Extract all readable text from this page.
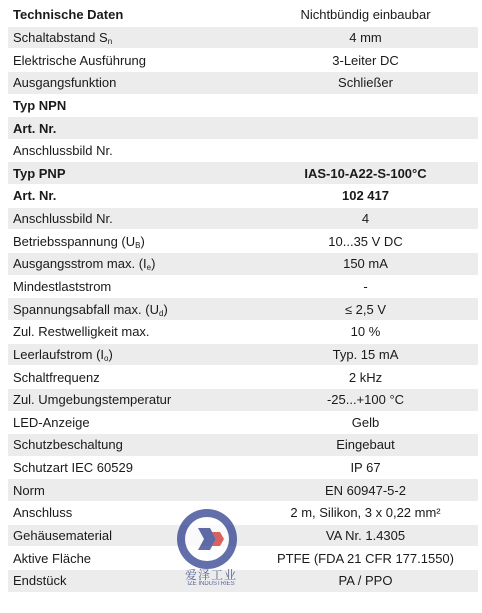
Technische Daten	Nichtbündig einbaubar
Schaltabstand $S_n$	4 mm
Elektrische Ausführung	3-Leiter DC
Ausgangsfunktion	Schließer
Typ NPN
Art. Nr.
Anschlussbild Nr.
Typ PNP	IAS-10-A22-S-100°C
Art. Nr.	102 417
Anschlussbild Nr.	4
Betriebsspannung $(U_B)$	10...35 V DC
Ausgangsstrom max. $(I_e)$	150 mA
Mindestlaststrom	-
Spannungsabfall max. $(U_d)$	≤ 2,5 V
Zul. Restwelligkeit max.	10 %
Leerlaufstrom $(I_o)$	Typ. 15 mA
Schaltfrequenz	2 kHz
Zul. Umgebungstemperatur	-25...+100 °C
LED-Anzeige	Gelb
Schutzbeschaltung	Eingebaut
Schutzart IEC 60529	IP 67
Norm	EN 60947-5-2
Anschluss	2 m, Silikon, 3 x 0,22 mm²
Gehäusematerial	VA Nr. 1.4305
Aktive Fläche	PTFE (FDA 21 CFR 177.1550)
Endstück	PA / PPO
爱泽工业
IZE INDUSTRIES
